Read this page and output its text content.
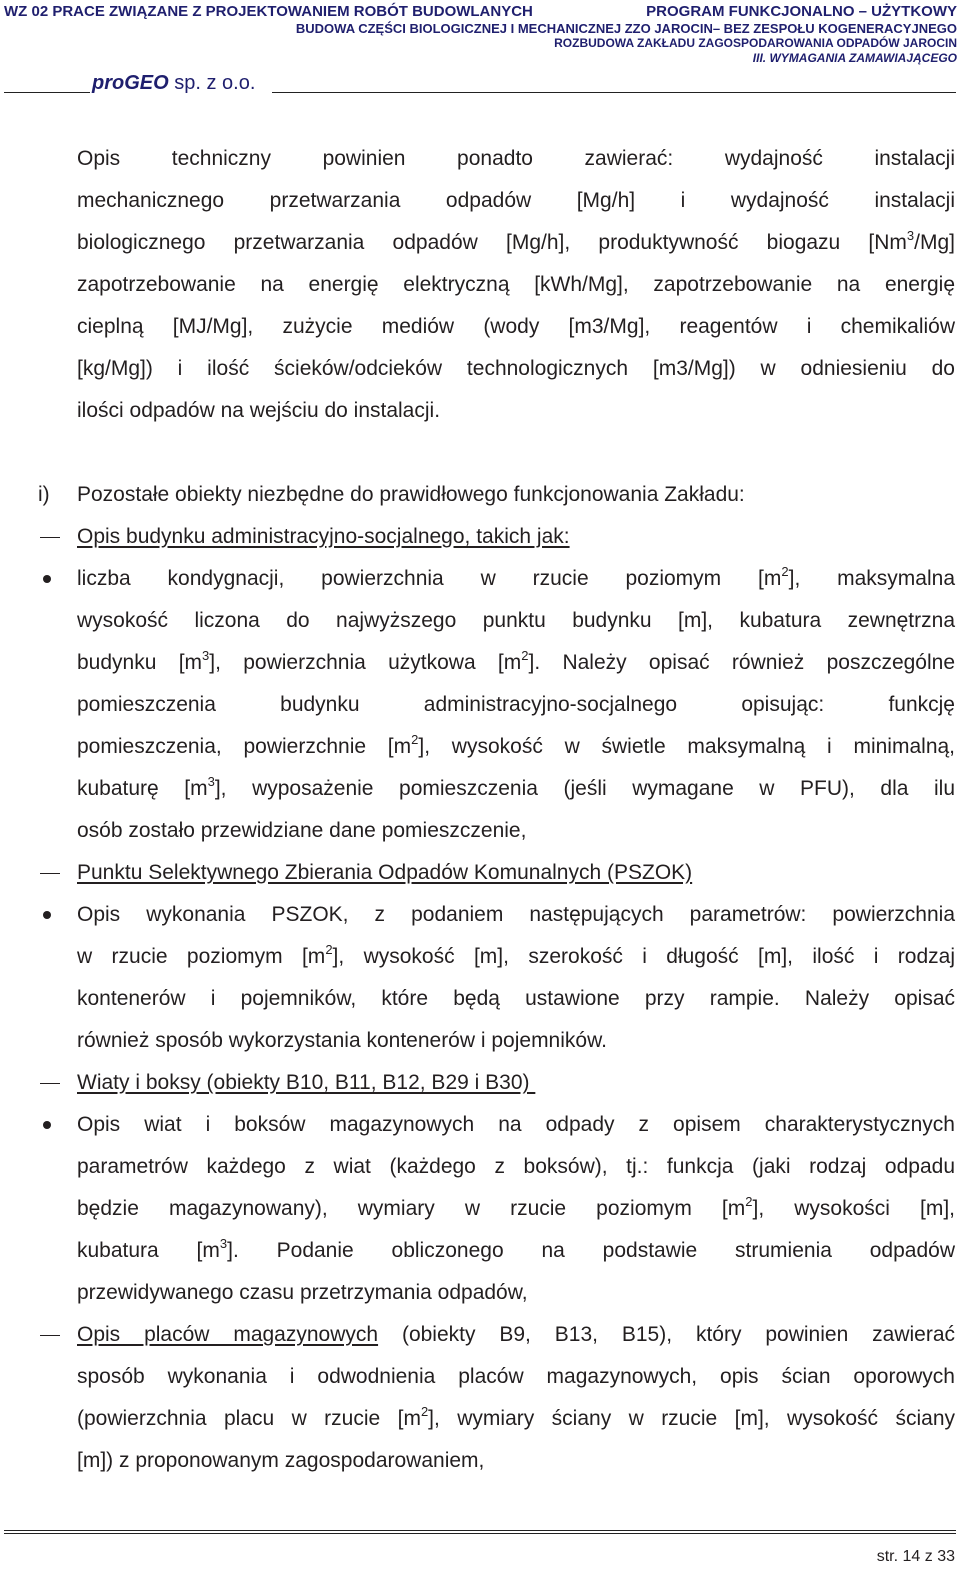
WZ 02 PRACE ZWIĄZANE Z PROJEKTOWANIEM ROBÓT BUDOWLANYCH	PROGRAM FUNKCJONALNO – UŻYTKOWY
BUDOWA CZĘŚCI BIOLOGICZNEJ I MECHANICZNEJ ZZO JAROCIN– BEZ ZESPOŁU KOGENERACYJNEGO
ROZBUDOWA ZAKŁADU ZAGOSPODAROWANIA ODPADÓW JAROCIN
III. WYMAGANIA ZAMAWIAJĄCEGO
proGEO sp. z o.o.
Opis techniczny powinien ponadto zawierać: wydajność instalacji
mechanicznego przetwarzania odpadów [Mg/h] i wydajność instalacji
biologicznego przetwarzania odpadów [Mg/h], produktywność biogazu [Nm$^3$/Mg]
zapotrzebowanie na energię elektryczną [kWh/Mg], zapotrzebowanie na energię
cieplną [MJ/Mg], zużycie mediów (wody [m3/Mg], reagentów i chemikaliów
[kg/Mg]) i ilość ścieków/odcieków technologicznych [m3/Mg]) w odniesieniu do
ilości odpadów na wejściu do instalacji.
i) Pozostałe obiekty niezbędne do prawidłowego funkcjonowania Zakładu:
Opis budynku administracyjno-socjalnego, takich jak:
liczba kondygnacji, powierzchnia w rzucie poziomym $[m^2]$, maksymalna
wysokość liczona do najwyższego punktu budynku [m], kubatura zewnętrzna
budynku $[m^3]$, powierzchnia użytkowa $[m^2]$. Należy opisać również poszczególne
pomieszczenia budynku administracyjno-socjalnego opisując: funkcję
pomieszczenia, powierzchnie $[m^2]$, wysokość w świetle maksymalną i minimalną,
kubaturę $[m^3]$, wyposażenie pomieszczenia (jeśli wymagane w PFU), dla ilu
osób zostało przewidziane dane pomieszczenie,
Punktu Selektywnego Zbierania Odpadów Komunalnych (PSZOK)
Opis wykonania PSZOK, z podaniem następujących parametrów: powierzchnia
w rzucie poziomym $[m^2]$, wysokość [m], szerokość i długość [m], ilość i rodzaj
kontenerów i pojemników, które będą ustawione przy rampie. Należy opisać
również sposób wykorzystania kontenerów i pojemników.
Wiaty i boksy (obiekty B10, B11, B12, B29 i B30)
Opis wiat i boksów magazynowych na odpady z opisem charakterystycznych
parametrów każdego z wiat (każdego z boksów), tj.: funkcja (jaki rodzaj odpadu
będzie magazynowany), wymiary w rzucie poziomym $[m^2]$, wysokości [m],
kubatura $[m^3]$. Podanie obliczonego na podstawie strumienia odpadów
przewidywanego czasu przetrzymania odpadów,
Opis placów magazynowych (obiekty B9, B13, B15), który powinien zawierać
sposób wykonania i odwodnienia placów magazynowych, opis ścian oporowych
(powierzchnia placu w rzucie $[m^2]$, wymiary ściany w rzucie [m], wysokość ściany
[m]) z proponowanym zagospodarowaniem,
str. 14 z 33
